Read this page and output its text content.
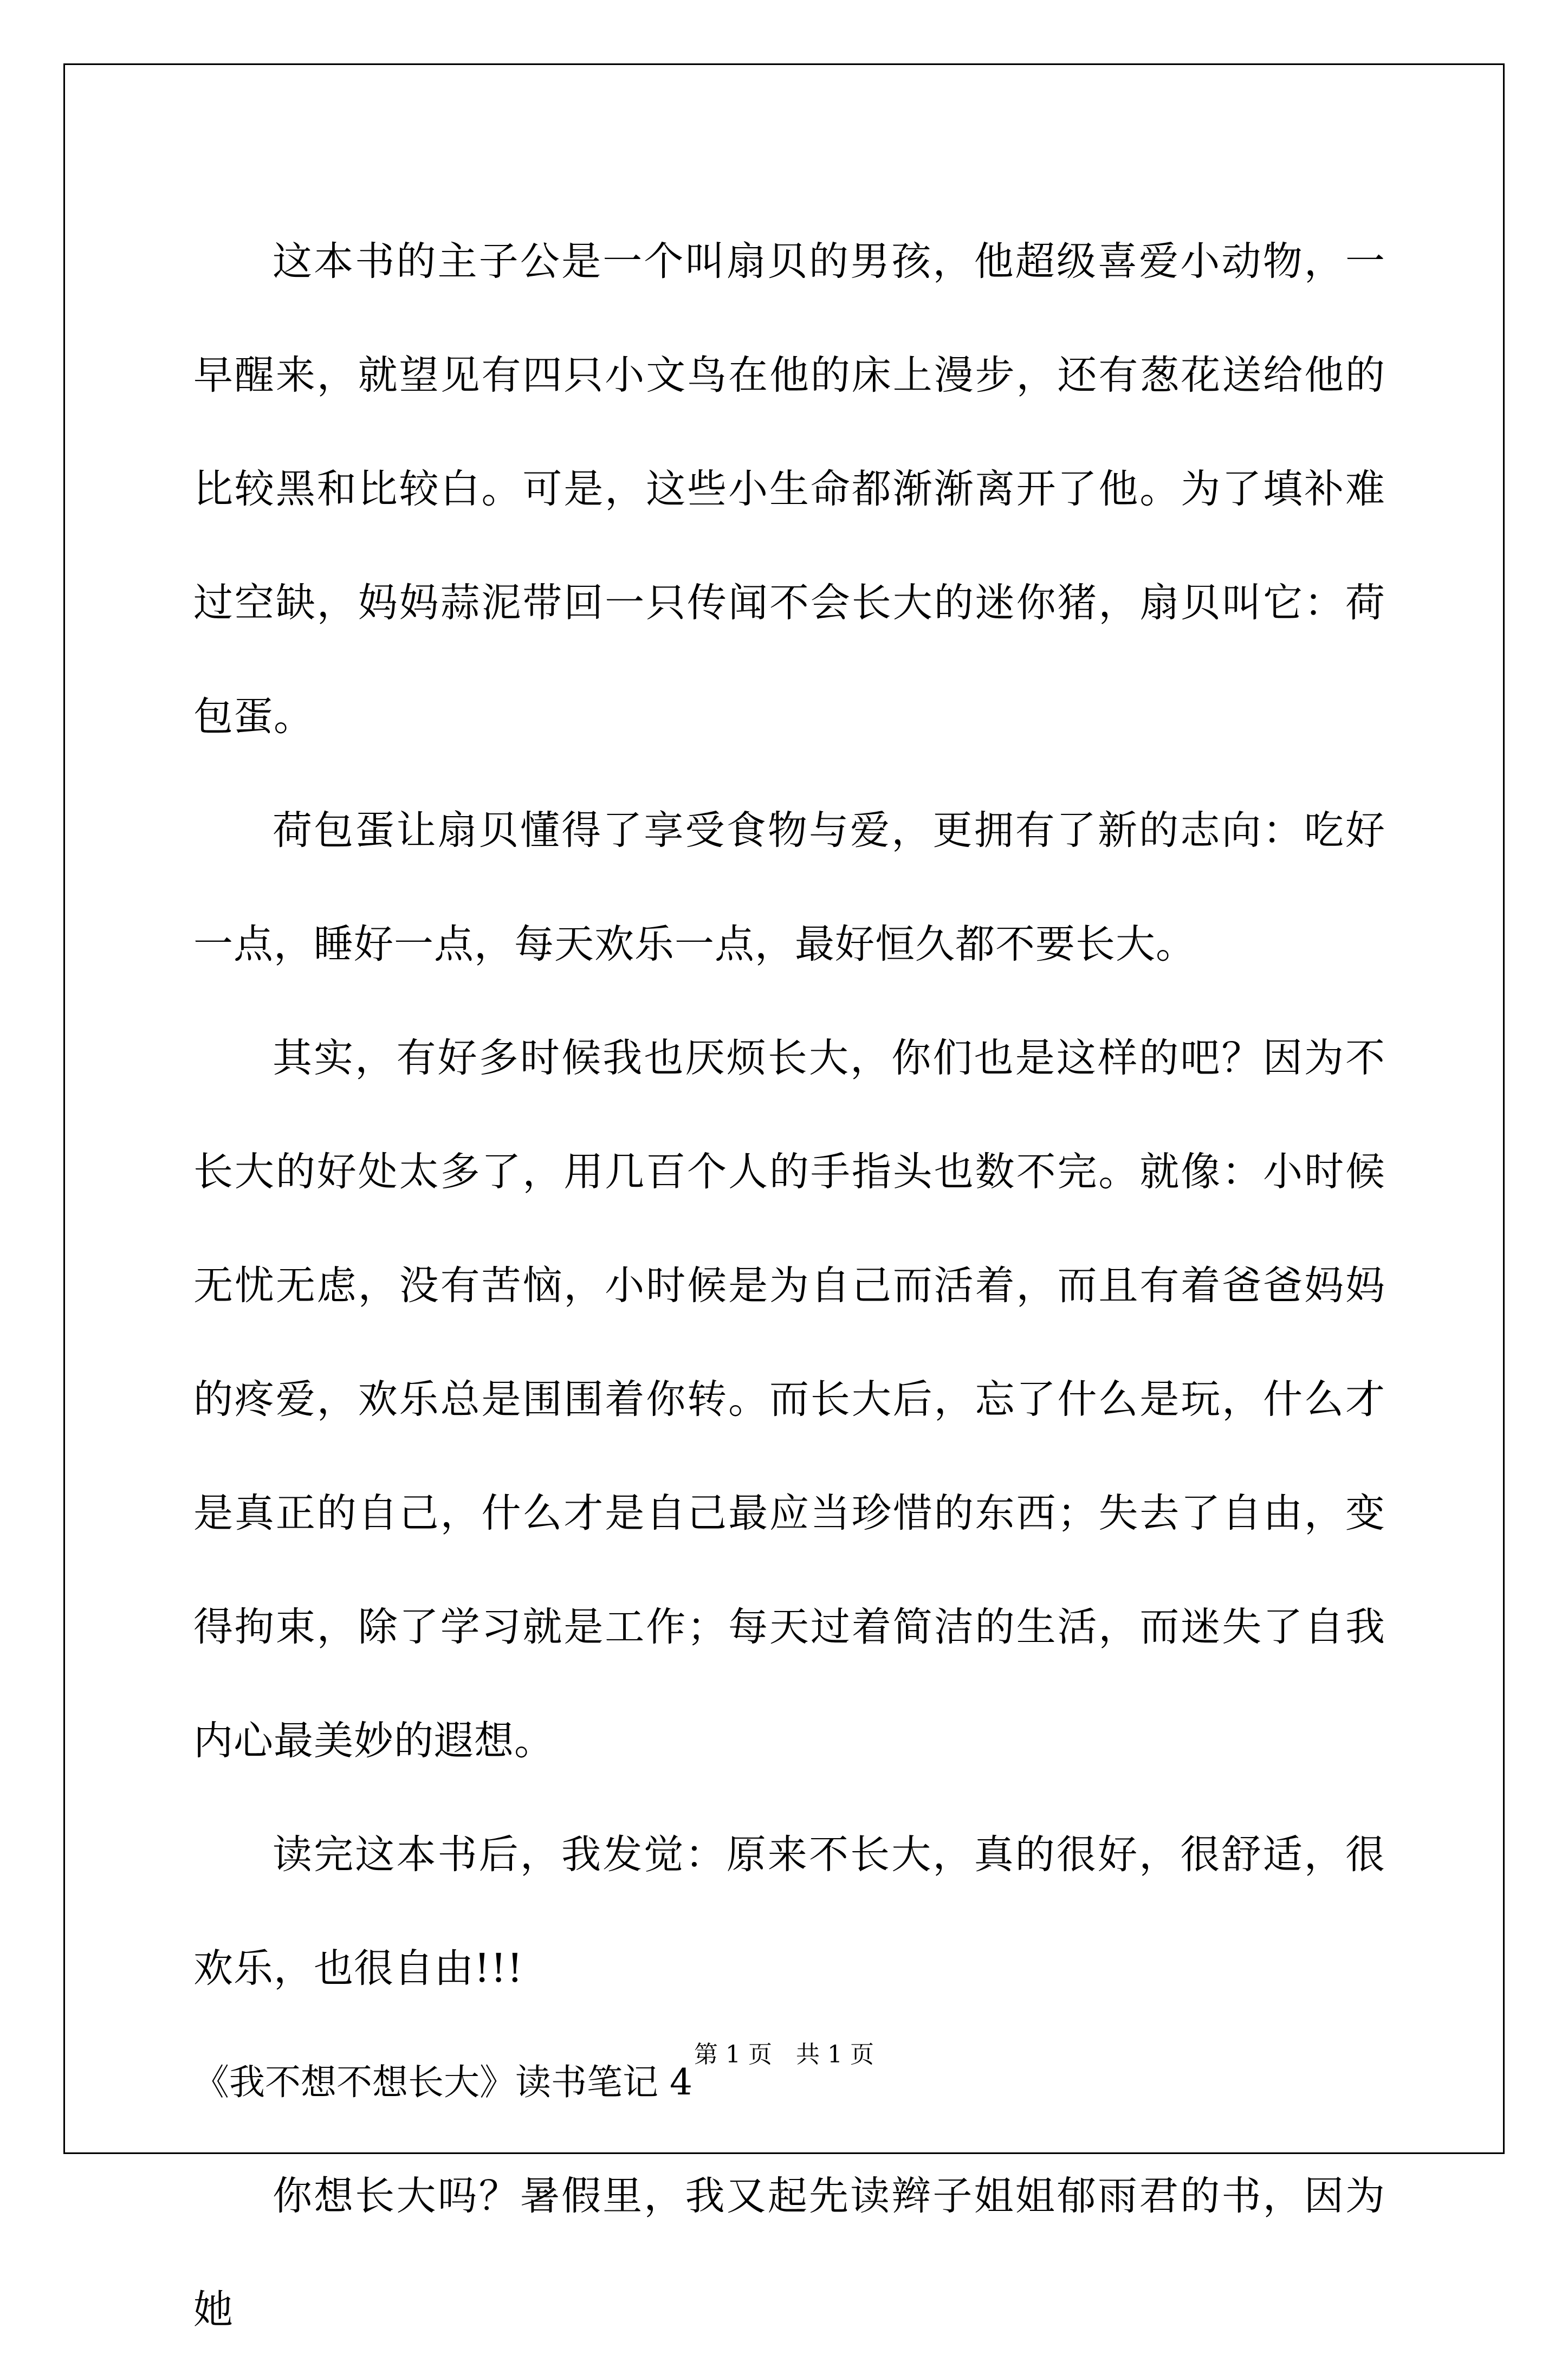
这本书的主子公是一个叫扇贝的男孩，他超级喜爱小动物，一早醒来，就望见有四只小文鸟在他的床上漫步，还有葱花送给他的比较黑和比较白。可是，这些小生命都渐渐离开了他。为了填补难过空缺，妈妈蒜泥带回一只传闻不会长大的迷你猪，扇贝叫它：荷包蛋。

荷包蛋让扇贝懂得了享受食物与爱，更拥有了新的志向：吃好一点，睡好一点，每天欢乐一点，最好恒久都不要长大。

其实，有好多时候我也厌烦长大，你们也是这样的吧？因为不长大的好处太多了，用几百个人的手指头也数不完。就像：小时候无忧无虑，没有苦恼，小时候是为自己而活着，而且有着爸爸妈妈的疼爱，欢乐总是围围着你转。而长大后，忘了什么是玩，什么才是真正的自己，什么才是自己最应当珍惜的东西；失去了自由，变得拘束，除了学习就是工作；每天过着简洁的生活，而迷失了自我内心最美妙的遐想。

读完这本书后，我发觉：原来不长大，真的很好，很舒适，很欢乐，也很自由!!!

《我不想不想长大》读书笔记 4

你想长大吗？暑假里，我又起先读辫子姐姐郁雨君的书，因为她

第 1 页　共 1 页
